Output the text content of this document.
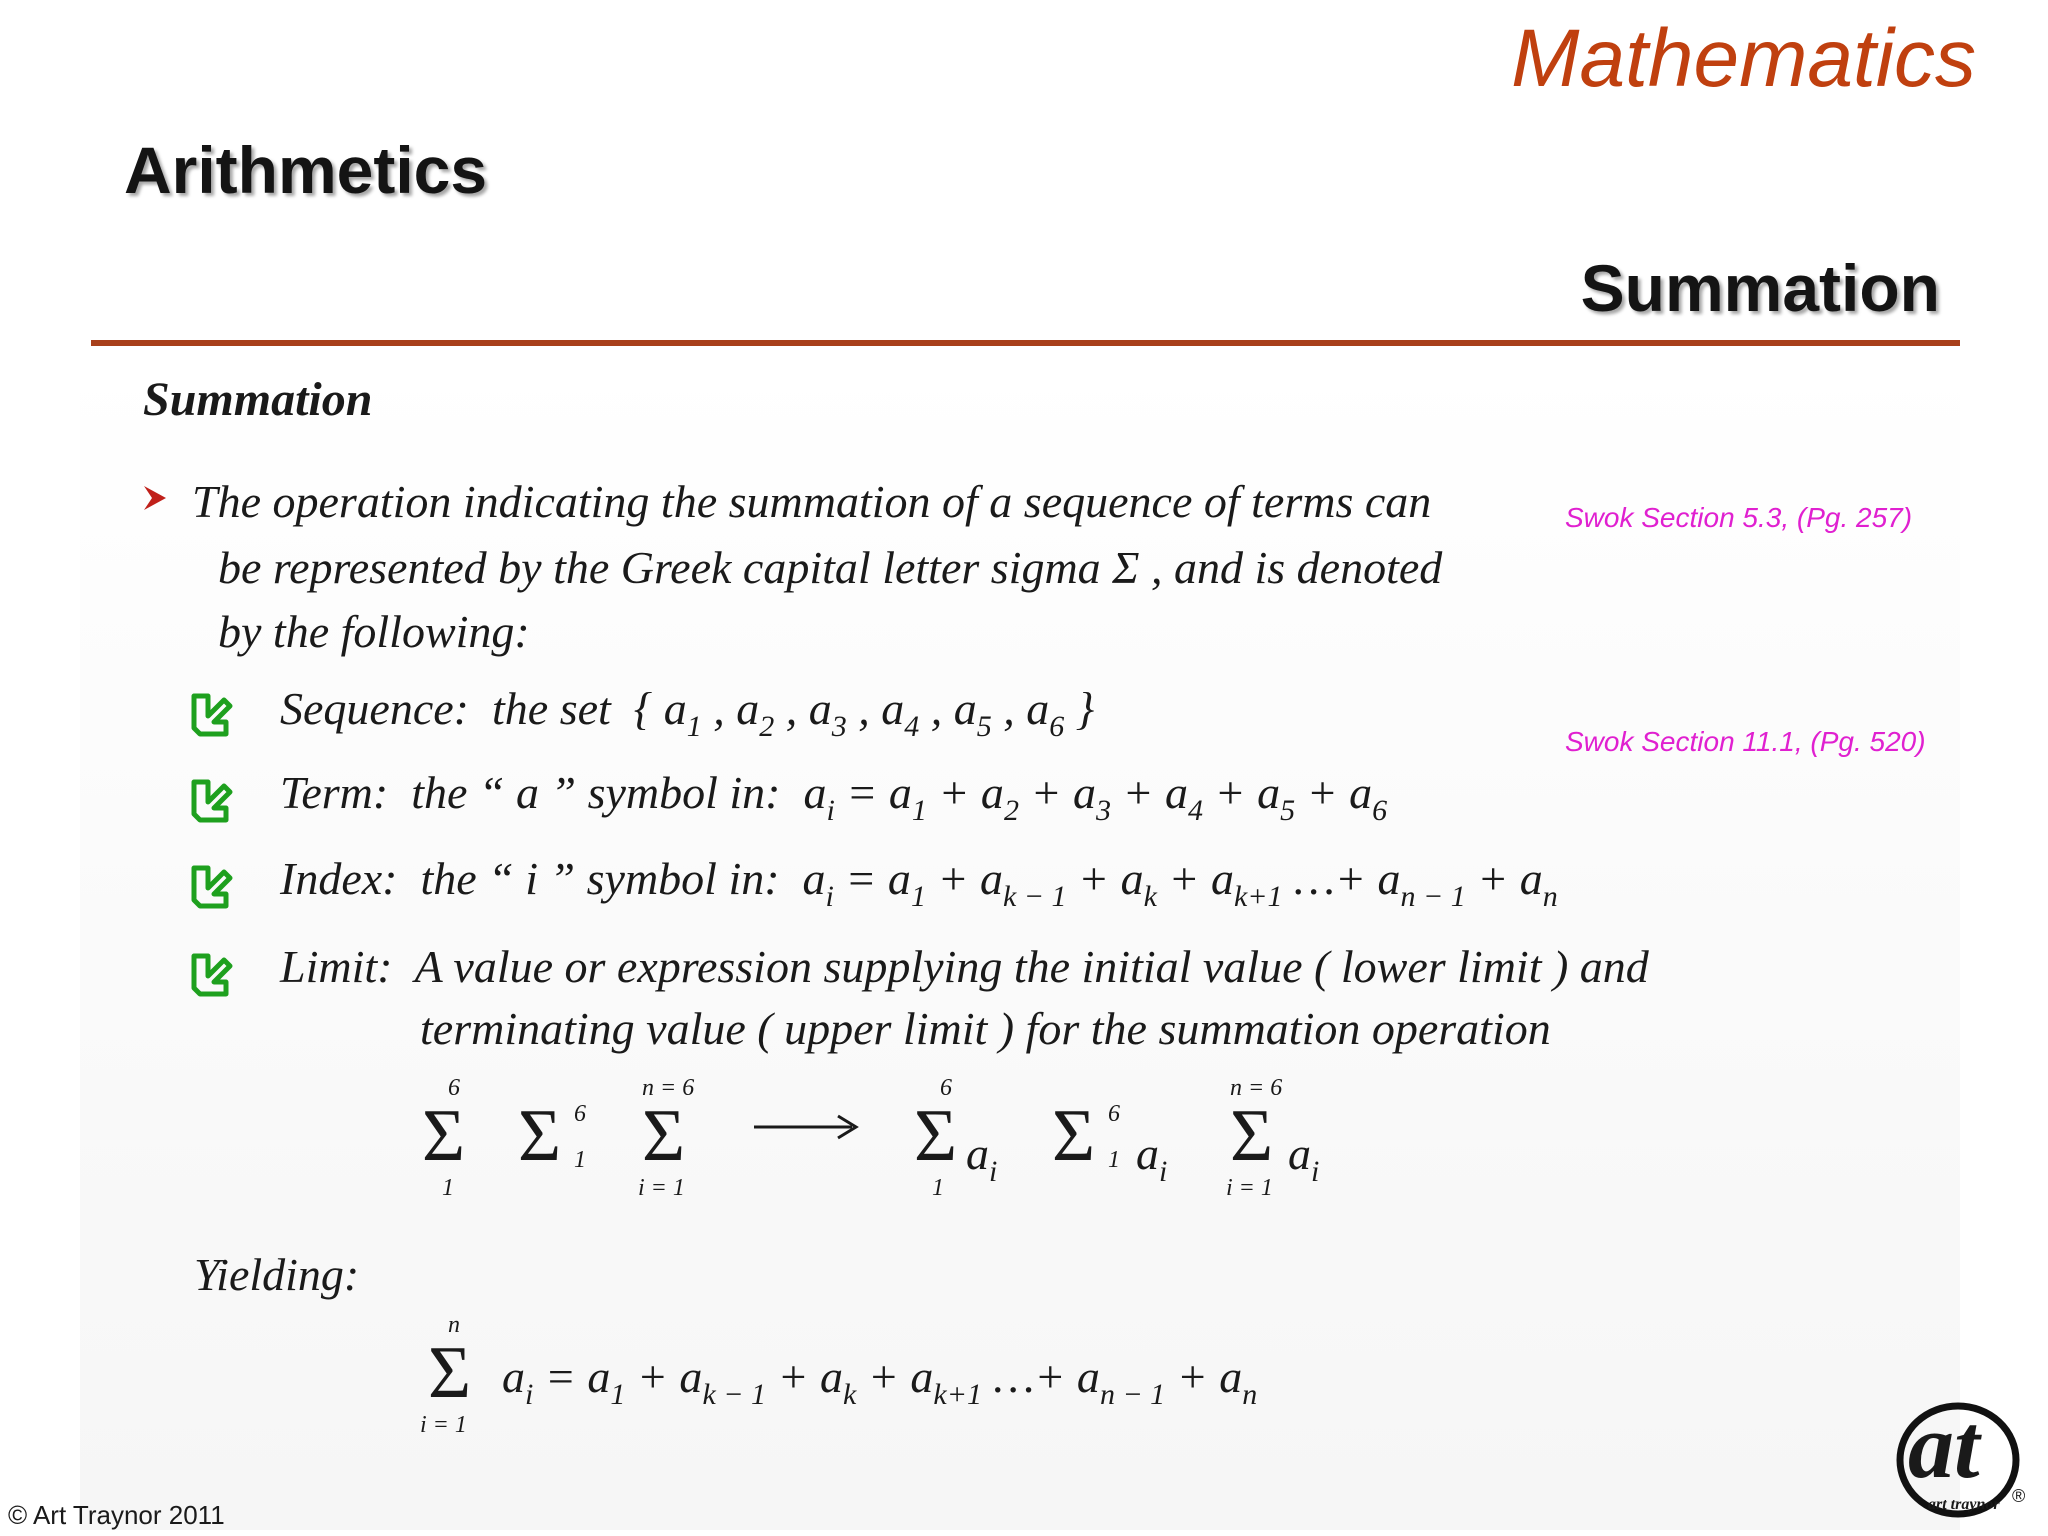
Mathematics
Arithmetics
Summation
Summation
The operation indicating the summation of a sequence of terms can
be represented by the Greek capital letter sigma Σ , and is denoted
by the following:
Swok Section 5.3, (Pg. 257)
Swok Section 11.1, (Pg. 520)
Sequence: the set { $a_1$ , $a_2$ , $a_3$ , $a_4$ , $a_5$ , $a_6$ }
Term: the “ a ” symbol in: $a_i = a_1 + a_2 + a_3 + a_4 + a_5 + a_6$
Index: the “ i ” symbol in: $a_i = a_1 + a_{k - 1} + a_k + a_{k+1}$ …+ $a_{n - 1} + a_n$
Limit: A value or expression supplying the initial value ( lower limit ) and
terminating value ( upper limit ) for the summation operation
6
Σ
1
Σ 6
1
n = 6
Σ
i = 1
6
Σ $a_i$
1
Σ 6
1 $a_i$
n = 6
Σ $a_i$
i = 1
Yielding:
n
Σ
i = 1
$a_i = a_1 + a_{k - 1} + a_k + a_{k+1}$ …+ $a_{n - 1} + a_n$
© Art Traynor 2011
at
art traynor ®
